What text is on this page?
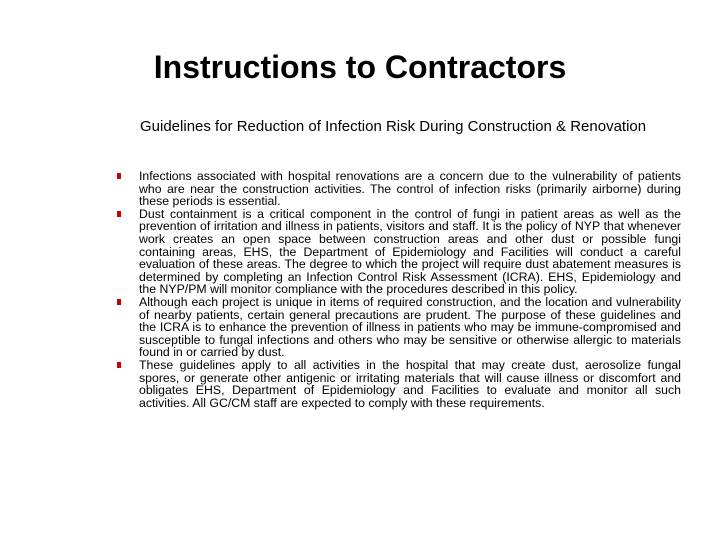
Instructions to Contractors
Guidelines for Reduction of Infection Risk During Construction & Renovation
Infections associated with hospital renovations are a concern due to the vulnerability of patients who are near the construction activities. The control of infection risks (primarily airborne) during these periods is essential.
Dust containment is a critical component in the control of fungi in patient areas as well as the prevention of irritation and illness in patients, visitors and staff. It is the policy of NYP that whenever work creates an open space between construction areas and other dust or possible fungi containing areas, EHS, the Department of Epidemiology and Facilities will conduct a careful evaluation of these areas. The degree to which the project will require dust abatement measures is determined by completing an Infection Control Risk Assessment (ICRA). EHS, Epidemiology and the NYP/PM will monitor compliance with the procedures described in this policy.
Although each project is unique in items of required construction, and the location and vulnerability of nearby patients, certain general precautions are prudent. The purpose of these guidelines and the ICRA is to enhance the prevention of illness in patients who may be immune-compromised and susceptible to fungal infections and others who may be sensitive or otherwise allergic to materials found in or carried by dust.
These guidelines apply to all activities in the hospital that may create dust, aerosolize fungal spores, or generate other antigenic or irritating materials that will cause illness or discomfort and obligates EHS, Department of Epidemiology and Facilities to evaluate and monitor all such activities. All GC/CM staff are expected to comply with these requirements.
